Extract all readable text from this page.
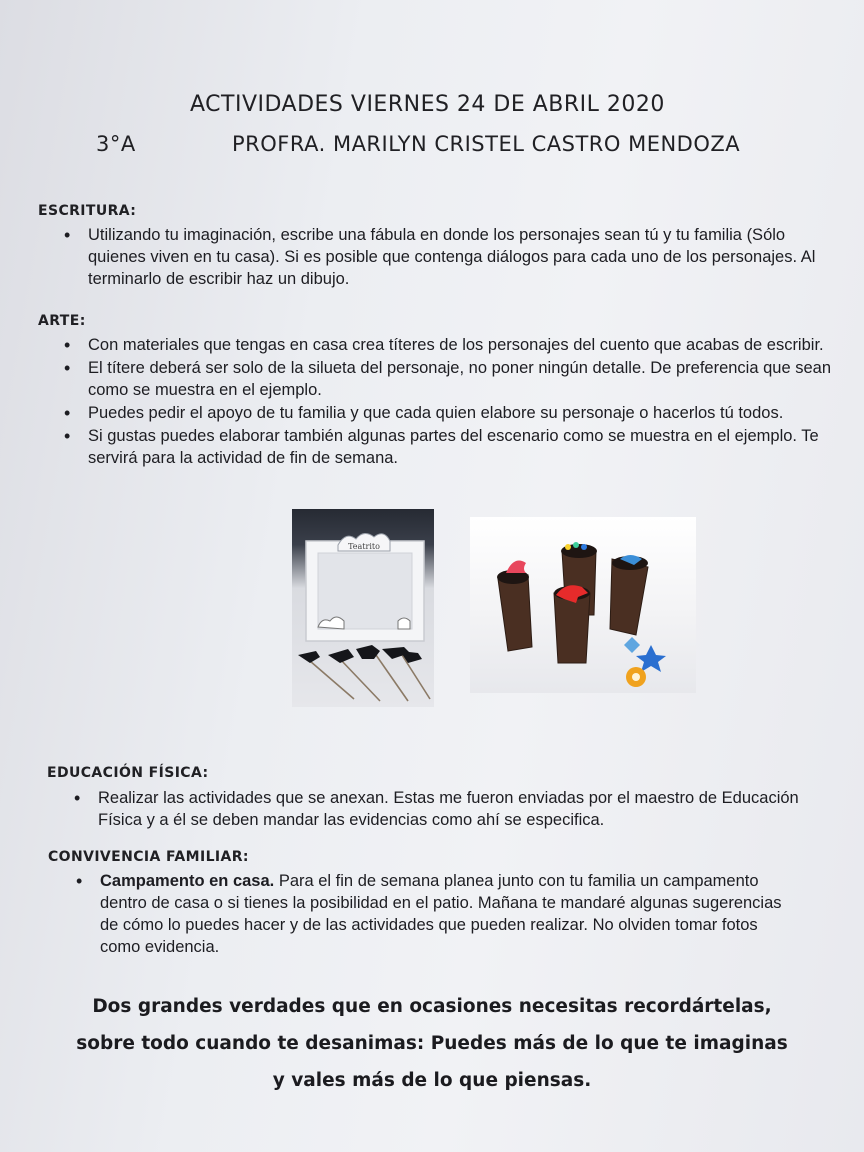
ACTIVIDADES VIERNES 24 DE ABRIL 2020
3°A	PROFRA. MARILYN CRISTEL CASTRO MENDOZA
ESCRITURA:
• Utilizando tu imaginación, escribe una fábula en donde los personajes sean tú y tu familia (Sólo quienes viven en tu casa). Si es posible que contenga diálogos para cada uno de los personajes. Al terminarlo de escribir haz un dibujo.
ARTE:
• Con materiales que tengas en casa crea títeres de los personajes del cuento que acabas de escribir.
• El títere deberá ser solo de la silueta del personaje, no poner ningún detalle. De preferencia que sean como se muestra en el ejemplo.
• Puedes pedir el apoyo de tu familia y que cada quien elabore su personaje o hacerlos tú todos.
• Si gustas puedes elaborar también algunas partes del escenario como se muestra en el ejemplo. Te servirá para la actividad de fin de semana.
Teatrito
EDUCACIÓN FÍSICA:
• Realizar las actividades que se anexan. Estas me fueron enviadas por el maestro de Educación Física y a él se deben mandar las evidencias como ahí se especifica.
CONVIVENCIA FAMILIAR:
• Campamento en casa. Para el fin de semana planea junto con tu familia un campamento dentro de casa o si tienes la posibilidad en el patio. Mañana te mandaré algunas sugerencias de cómo lo puedes hacer y de las actividades que pueden realizar. No olviden tomar fotos como evidencia.
Dos grandes verdades que en ocasiones necesitas recordártelas,
sobre todo cuando te desanimas: Puedes más de lo que te imaginas
y vales más de lo que piensas.
